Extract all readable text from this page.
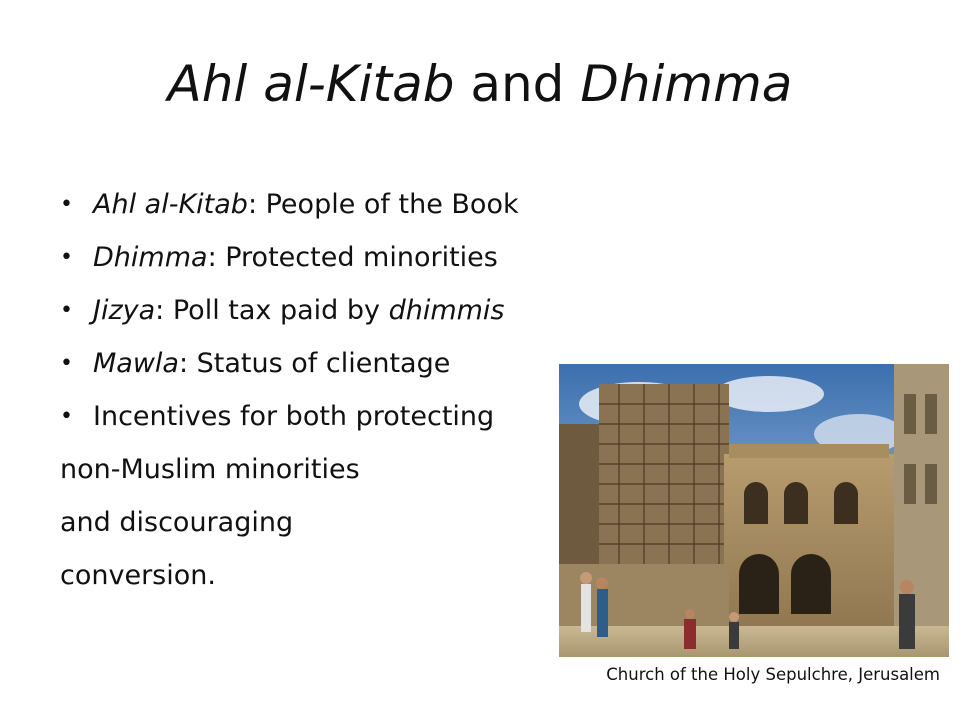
Ahl al-Kitab and Dhimma
• Ahl al-Kitab: People of the Book
• Dhimma: Protected minorities
• Jizya: Poll tax paid by dhimmis
• Mawla: Status of clientage
• Incentives for both protecting
non-Muslim minorities
and discouraging
conversion.
Church of the Holy Sepulchre, Jerusalem
